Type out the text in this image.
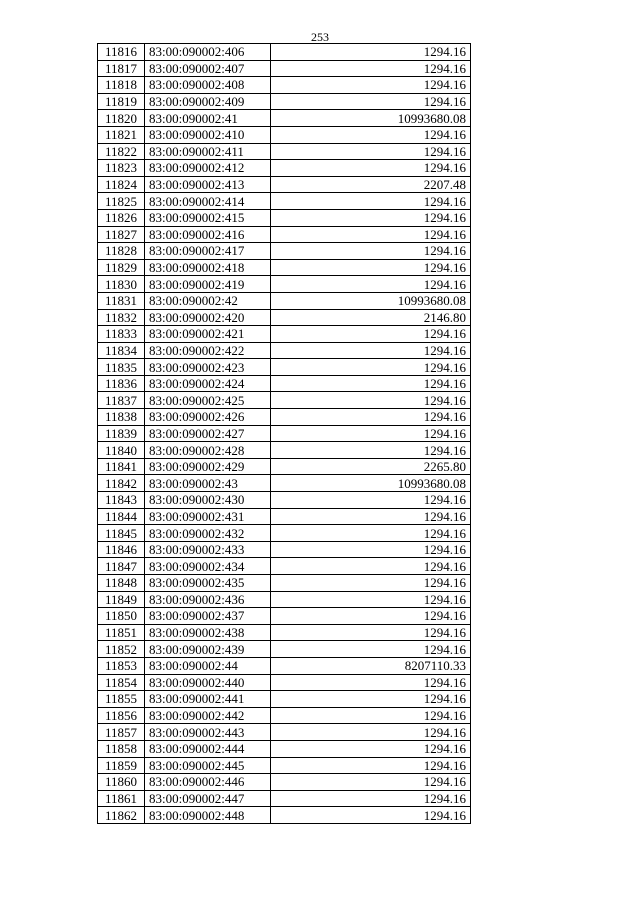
253
11816	83:00:090002:406	1294.16
11817	83:00:090002:407	1294.16
11818	83:00:090002:408	1294.16
11819	83:00:090002:409	1294.16
11820	83:00:090002:41	10993680.08
11821	83:00:090002:410	1294.16
11822	83:00:090002:411	1294.16
11823	83:00:090002:412	1294.16
11824	83:00:090002:413	2207.48
11825	83:00:090002:414	1294.16
11826	83:00:090002:415	1294.16
11827	83:00:090002:416	1294.16
11828	83:00:090002:417	1294.16
11829	83:00:090002:418	1294.16
11830	83:00:090002:419	1294.16
11831	83:00:090002:42	10993680.08
11832	83:00:090002:420	2146.80
11833	83:00:090002:421	1294.16
11834	83:00:090002:422	1294.16
11835	83:00:090002:423	1294.16
11836	83:00:090002:424	1294.16
11837	83:00:090002:425	1294.16
11838	83:00:090002:426	1294.16
11839	83:00:090002:427	1294.16
11840	83:00:090002:428	1294.16
11841	83:00:090002:429	2265.80
11842	83:00:090002:43	10993680.08
11843	83:00:090002:430	1294.16
11844	83:00:090002:431	1294.16
11845	83:00:090002:432	1294.16
11846	83:00:090002:433	1294.16
11847	83:00:090002:434	1294.16
11848	83:00:090002:435	1294.16
11849	83:00:090002:436	1294.16
11850	83:00:090002:437	1294.16
11851	83:00:090002:438	1294.16
11852	83:00:090002:439	1294.16
11853	83:00:090002:44	8207110.33
11854	83:00:090002:440	1294.16
11855	83:00:090002:441	1294.16
11856	83:00:090002:442	1294.16
11857	83:00:090002:443	1294.16
11858	83:00:090002:444	1294.16
11859	83:00:090002:445	1294.16
11860	83:00:090002:446	1294.16
11861	83:00:090002:447	1294.16
11862	83:00:090002:448	1294.16
